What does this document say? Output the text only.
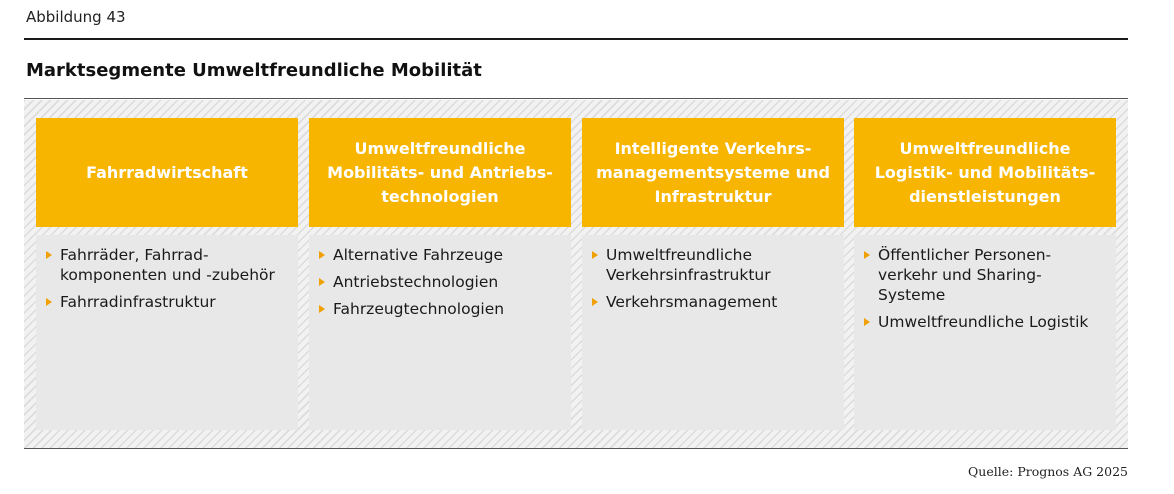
Abbildung 43
Marktsegmente Umweltfreundliche Mobilität
Fahrradwirtschaft
Fahrräder, Fahrrad-
komponenten und -zubehör
Fahrradinfrastruktur
Umweltfreundliche
Mobilitäts- und Antriebs-
technologien
Alternative Fahrzeuge
Antriebstechnologien
Fahrzeugtechnologien
Intelligente Verkehrs-
managementsysteme und
Infrastruktur
Umweltfreundliche
Verkehrsinfrastruktur
Verkehrsmanagement
Umweltfreundliche
Logistik- und Mobilitäts-
dienstleistungen
Öffentlicher Personen-
verkehr und Sharing-
Systeme
Umweltfreundliche Logistik
Quelle: Prognos AG 2025
